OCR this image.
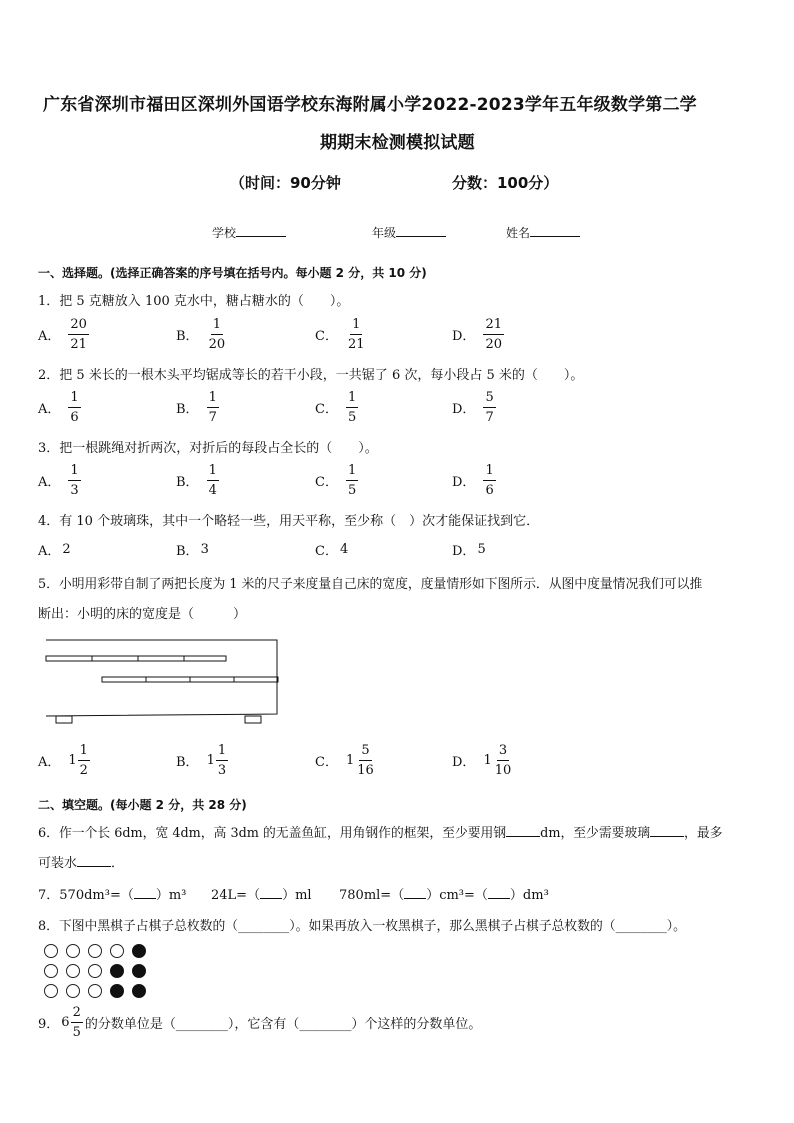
广东省深圳市福田区深圳外国语学校东海附属小学2022-2023学年五年级数学第二学
期期末检测模拟试题
（时间：90分钟	分数：100分）
学校	年级	姓名
一、选择题。(选择正确答案的序号填在括号内。每小题 2 分，共 10 分)
1．把 5 克糖放入 100 克水中，糖占糖水的（　　）。
A． $\frac{20}{21}$	B． $\frac{1}{20}$	C． $\frac{1}{21}$	D． $\frac{21}{20}$
2．把 5 米长的一根木头平均锯成等长的若干小段，一共锯了 6 次，每小段占 5 米的（　　）。
A． $\frac{1}{6}$	B． $\frac{1}{7}$	C． $\frac{1}{5}$	D． $\frac{5}{7}$
3．把一根跳绳对折两次，对折后的每段占全长的（　　）。
A． $\frac{1}{3}$	B． $\frac{1}{4}$	C． $\frac{1}{5}$	D． $\frac{1}{6}$
4．有 10 个玻璃珠，其中一个略轻一些，用天平称，至少称（　）次才能保证找到它．
A． 2	B． 3	C． 4	D． 5
5．小明用彩带自制了两把长度为 1 米的尺子来度量自己床的宽度，度量情形如下图所示．从图中度量情况我们可以推
断出：小明的床的宽度是（　　　）
A． $1 \frac{1}{2}$	B． $1 \frac{1}{3}$	C． $1 \frac{5}{16}$	D． $1 \frac{3}{10}$
二、填空题。(每小题 2 分，共 28 分)
6．作一个长 6dm，宽 4dm，高 3dm 的无盖鱼缸，用角钢作的框架，至少要用钢	dm，至少需要玻璃	，最多
可装水	．
7．570dm³=（ ）m³ 24L=（ ）ml 780ml=（ ）cm³=（ ）dm³
8．下图中黑棋子占棋子总枚数的（________）。如果再放入一枚黑棋子，那么黑棋子占棋子总枚数的（________）。
9． $6 \frac{2}{5}$ 的分数单位是（________），它含有（________）个这样的分数单位。
